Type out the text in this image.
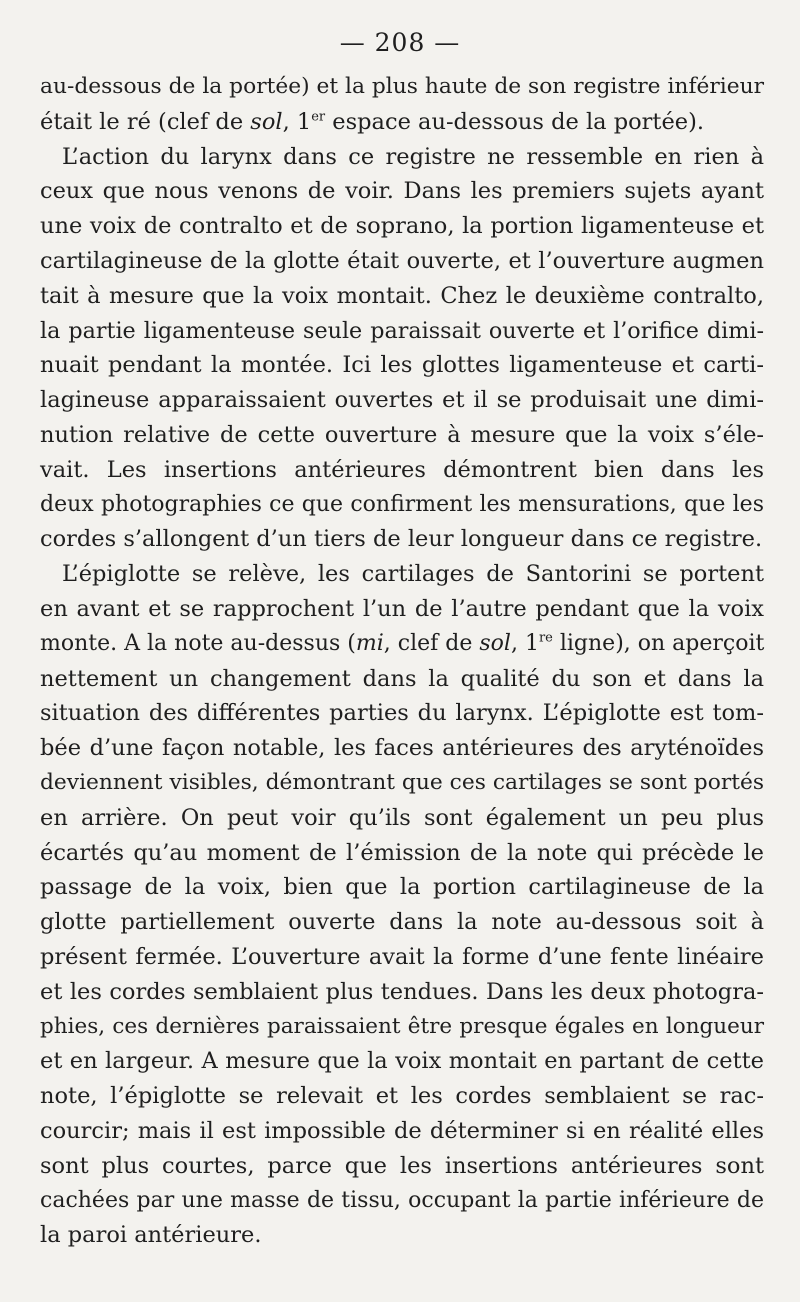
— 208 —
au-dessous de la portée) et la plus haute de son registre inférieur
était le ré (clef de sol, 1er espace au-dessous de la portée).
L’action du larynx dans ce registre ne ressemble en rien à
ceux que nous venons de voir. Dans les premiers sujets ayant
une voix de contralto et de soprano, la portion ligamenteuse et
cartilagineuse de la glotte était ouverte, et l’ouverture augmen
tait à mesure que la voix montait. Chez le deuxième contralto,
la partie ligamenteuse seule paraissait ouverte et l’orifice dimi-
nuait pendant la montée. Ici les glottes ligamenteuse et carti-
lagineuse apparaissaient ouvertes et il se produisait une dimi-
nution relative de cette ouverture à mesure que la voix s’éle-
vait. Les insertions antérieures démontrent bien dans les
deux photographies ce que confirment les mensurations, que les
cordes s’allongent d’un tiers de leur longueur dans ce registre.
L’épiglotte se relève, les cartilages de Santorini se portent
en avant et se rapprochent l’un de l’autre pendant que la voix
monte. A la note au-dessus (mi, clef de sol, 1re ligne), on aperçoit
nettement un changement dans la qualité du son et dans la
situation des différentes parties du larynx. L’épiglotte est tom-
bée d’une façon notable, les faces antérieures des aryténoïdes
deviennent visibles, démontrant que ces cartilages se sont portés
en arrière. On peut voir qu’ils sont également un peu plus
écartés qu’au moment de l’émission de la note qui précède le
passage de la voix, bien que la portion cartilagineuse de la
glotte partiellement ouverte dans la note au-dessous soit à
présent fermée. L’ouverture avait la forme d’une fente linéaire
et les cordes semblaient plus tendues. Dans les deux photogra-
phies, ces dernières paraissaient être presque égales en longueur
et en largeur. A mesure que la voix montait en partant de cette
note, l’épiglotte se relevait et les cordes semblaient se rac-
courcir; mais il est impossible de déterminer si en réalité elles
sont plus courtes, parce que les insertions antérieures sont
cachées par une masse de tissu, occupant la partie inférieure de
la paroi antérieure.
